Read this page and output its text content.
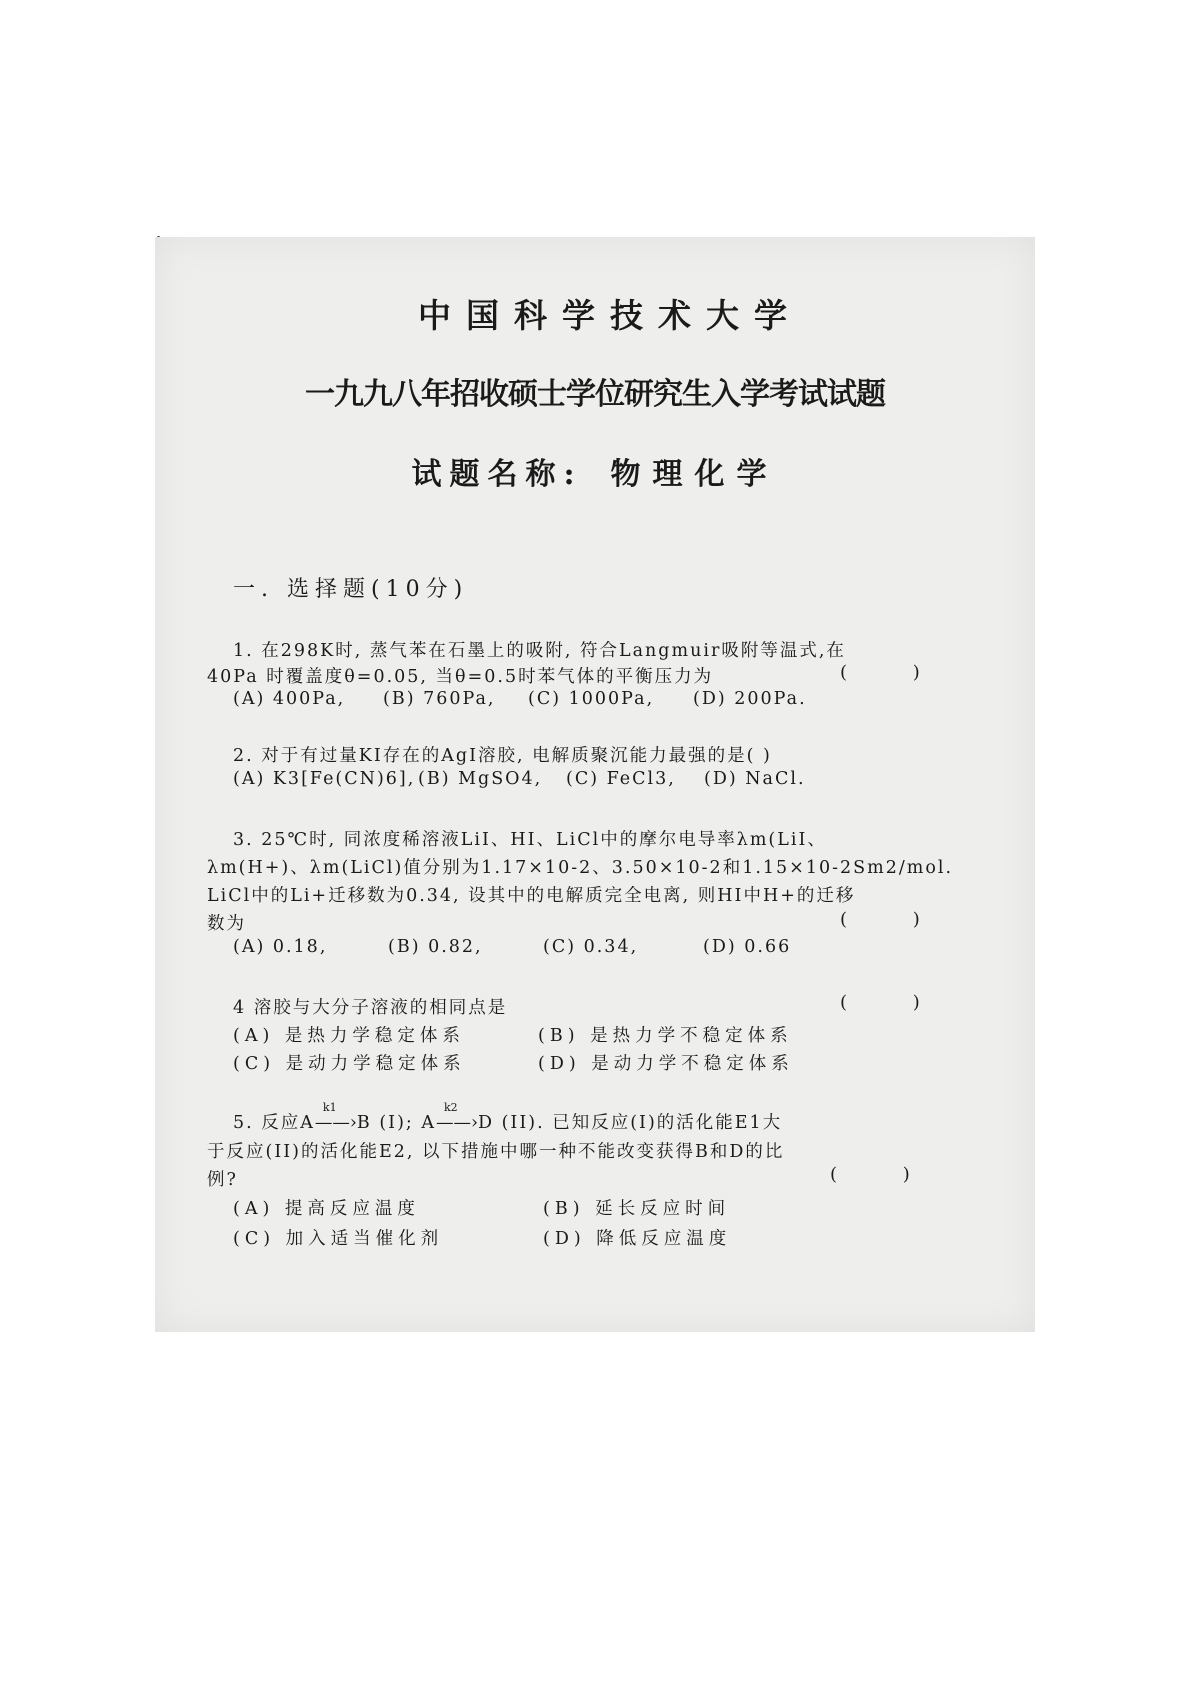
中国科学技术大学
一九九八年招收硕士学位研究生入学考试试题
试题名称: 物理化学
一. 选择题(10分)
1. 在298K时, 蒸气苯在石墨上的吸附, 符合Langmuir吸附等温式,在
40Pa 时覆盖度θ=0.05, 当θ=0.5时苯气体的平衡压力为	( )
(A) 400Pa, (B) 760Pa, (C) 1000Pa, (D) 200Pa.
2. 对于有过量KI存在的AgI溶胶, 电解质聚沉能力最强的是( )
(A) K3[Fe(CN)6], (B) MgSO4, (C) FeCl3, (D) NaCl.
3. 25℃时, 同浓度稀溶液LiI、HI、LiCl中的摩尔电导率λm(LiI、
λm(H+)、λm(LiCl)值分别为1.17×10-2、3.50×10-2和1.15×10-2Sm2/mol.
LiCl中的Li+迁移数为0.34, 设其中的电解质完全电离, 则HI中H+的迁移
数为	( )
(A) 0.18,	(B) 0.82,	(C) 0.34,	(D) 0.66
4 溶胶与大分子溶液的相同点是	( )
(A) 是热力学稳定体系	(B) 是热力学不稳定体系
(C) 是动力学稳定体系	(D) 是动力学不稳定体系
5. 反应A
k1
——›B (I); A
k2
——›D (II). 已知反应(I)的活化能E1大
于反应(II)的活化能E2, 以下措施中哪一种不能改变获得B和D的比
例?	( )
(A) 提高反应温度	(B) 延长反应时间
(C) 加入适当催化剂	(D) 降低反应温度
